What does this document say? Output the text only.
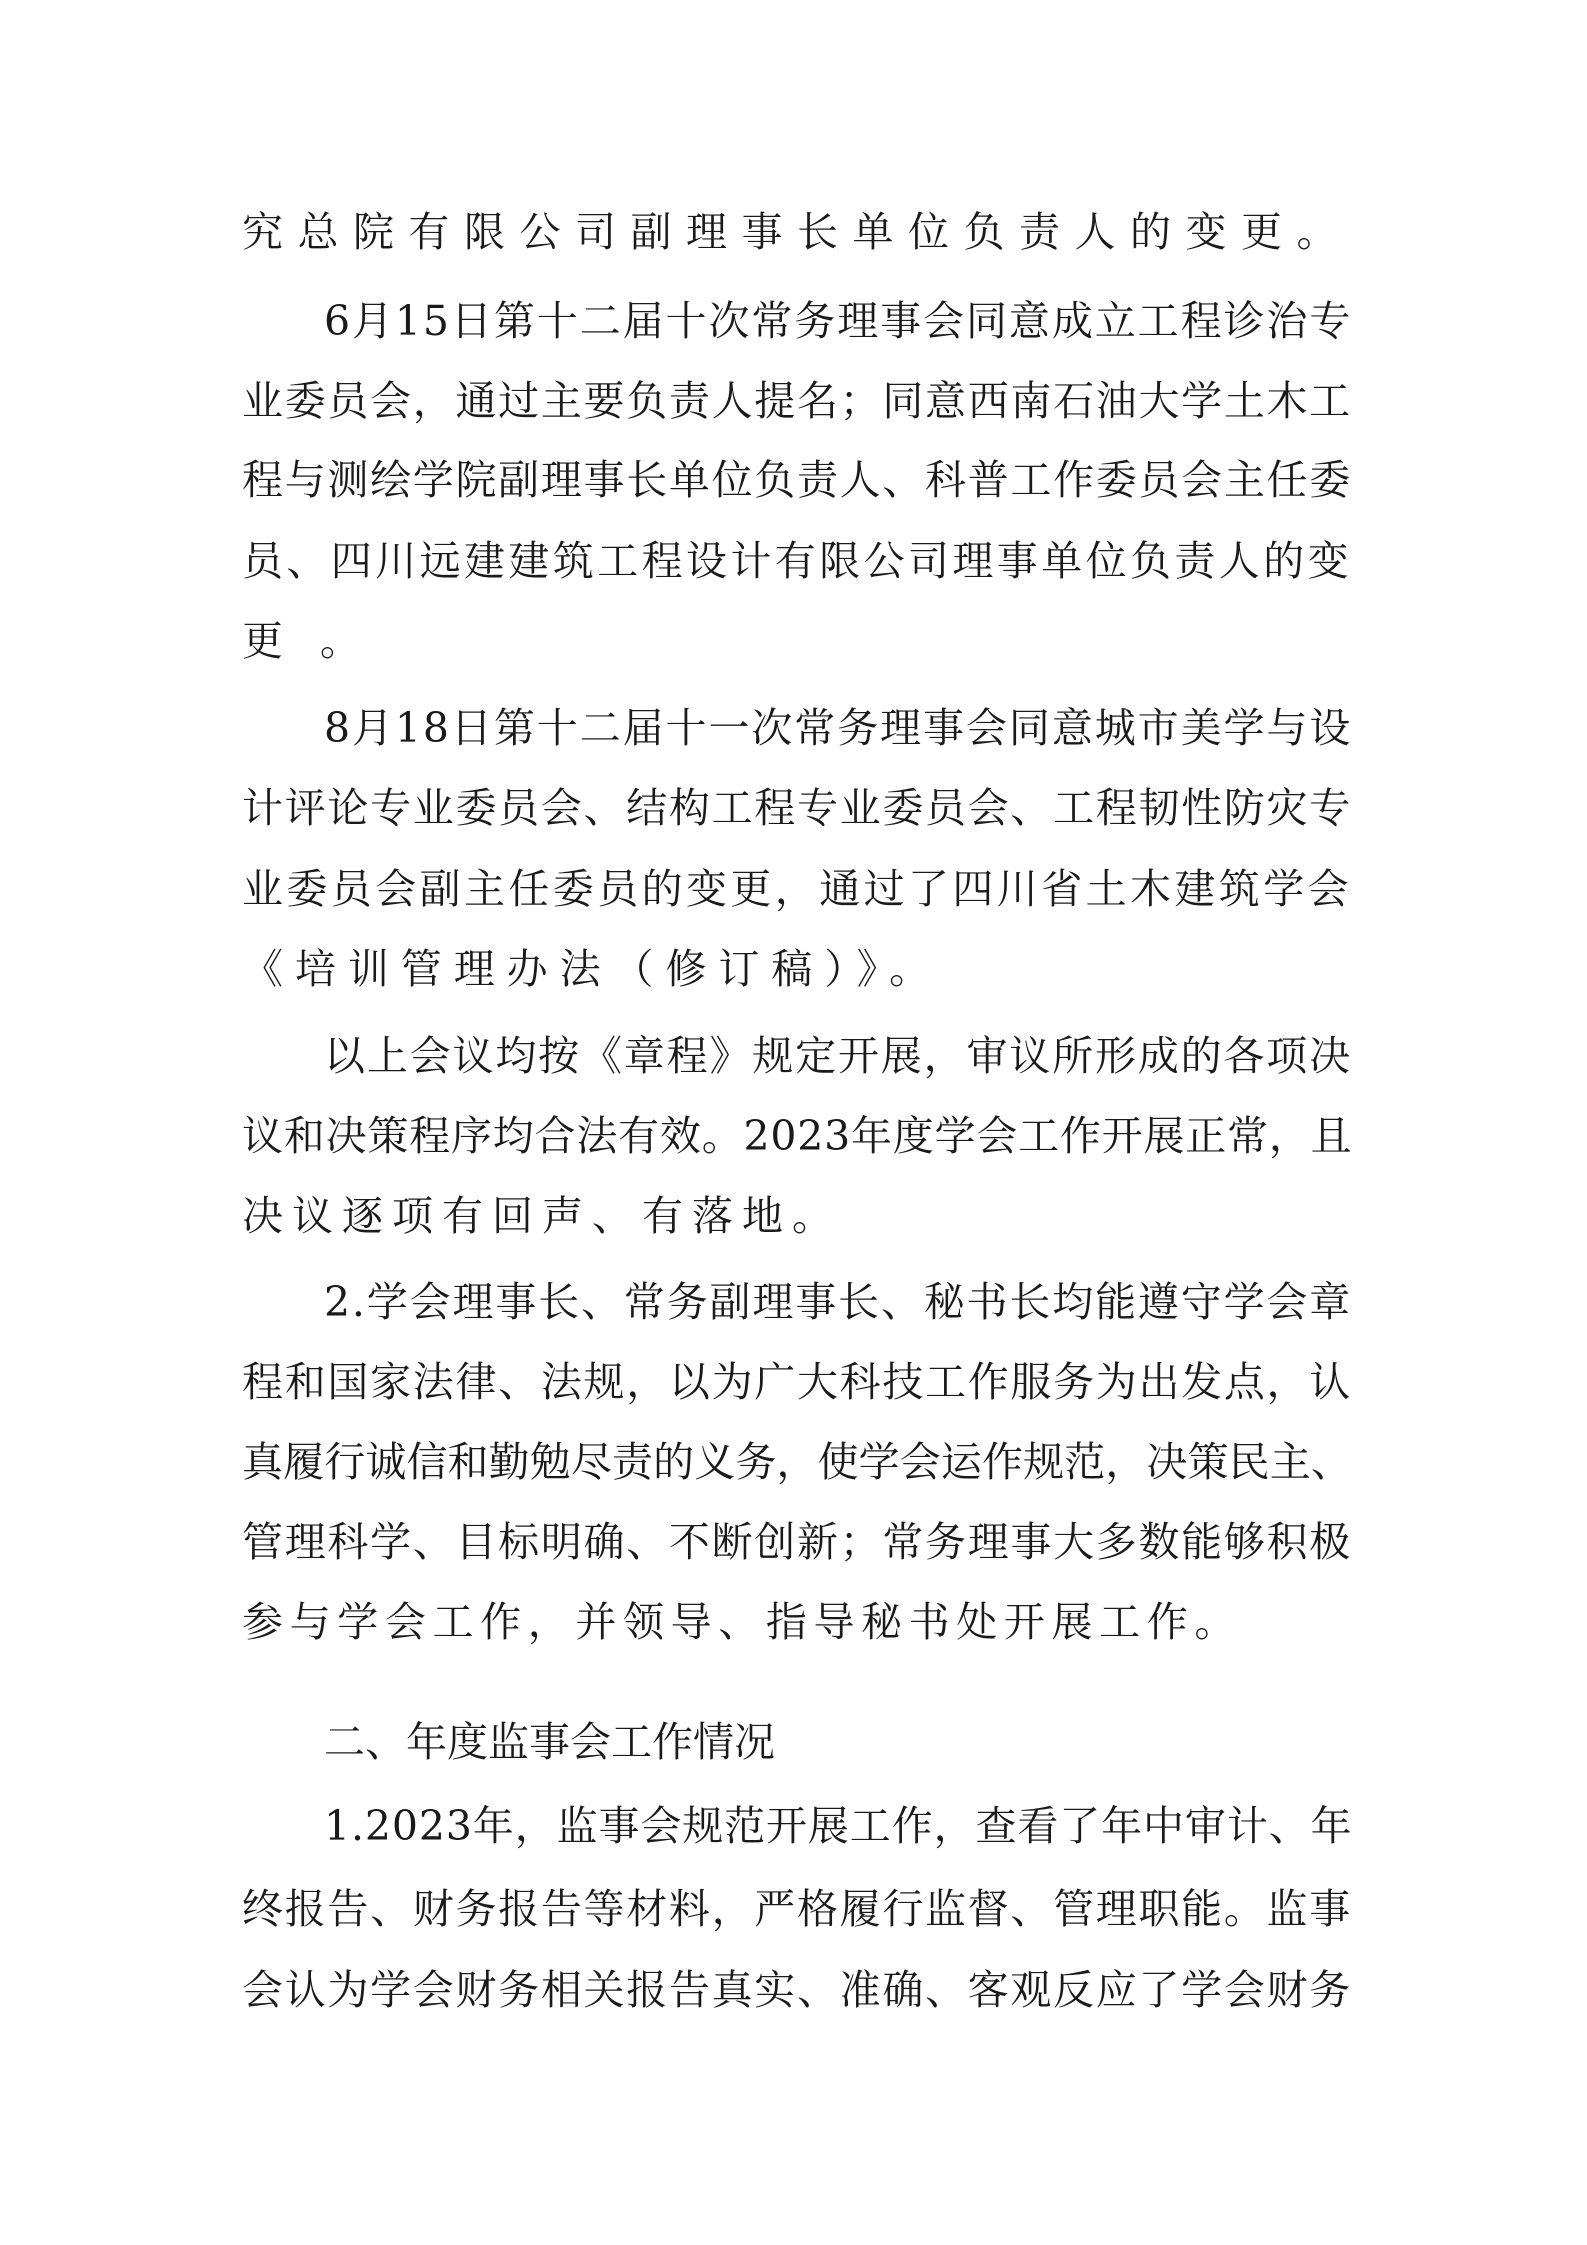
究总院有限公司副理事长单位负责人的变更。
6月15日第十二届十次常务理事会同意成立工程诊治专
业委员会，通过主要负责人提名；同意西南石油大学土木工
程与测绘学院副理事长单位负责人、科普工作委员会主任委
员、四川远建建筑工程设计有限公司理事单位负责人的变
更。
8月18日第十二届十一次常务理事会同意城市美学与设
计评论专业委员会、结构工程专业委员会、工程韧性防灾专
业委员会副主任委员的变更，通过了四川省土木建筑学会
《培训管理办法（修订稿）》。
以上会议均按《章程》规定开展，审议所形成的各项决
议和决策程序均合法有效。2023年度学会工作开展正常，且
决议逐项有回声、有落地。
2.学会理事长、常务副理事长、秘书长均能遵守学会章
程和国家法律、法规，以为广大科技工作服务为出发点，认
真履行诚信和勤勉尽责的义务，使学会运作规范，决策民主、
管理科学、目标明确、不断创新；常务理事大多数能够积极
参与学会工作，并领导、指导秘书处开展工作。
二、年度监事会工作情况
1.2023年，监事会规范开展工作，查看了年中审计、年
终报告、财务报告等材料，严格履行监督、管理职能。监事
会认为学会财务相关报告真实、准确、客观反应了学会财务
